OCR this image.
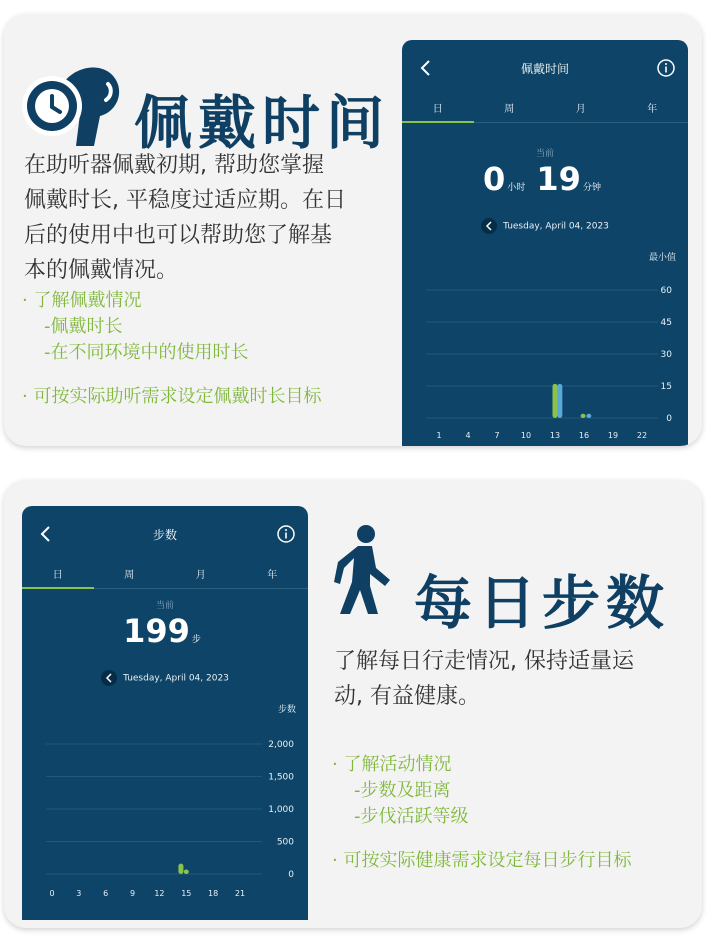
佩戴时间
在助听器佩戴初期, 帮助您掌握
佩戴时长, 平稳度过适应期。在日
后的使用中也可以帮助您了解基
本的佩戴情况。
· 了解佩戴情况
-佩戴时长
-在不同环境中的使用时长
· 可按实际助听需求设定佩戴时长目标
佩戴时间
日	周	月	年
当前
0 小时 19 分钟
Tuesday, April 04, 2023
最小值
60
45
30
15
0
1	4	7	10 13 16 19 22
步数
日	周	月	年
当前
199 步
Tuesday, April 04, 2023
步数
2,000
1,500
1,000
500
0
0	3	6	9 12 15 18 21
每日步数
了解每日行走情况, 保持适量运
动, 有益健康。
· 了解活动情况
-步数及距离
-步伐活跃等级
· 可按实际健康需求设定每日步行目标
